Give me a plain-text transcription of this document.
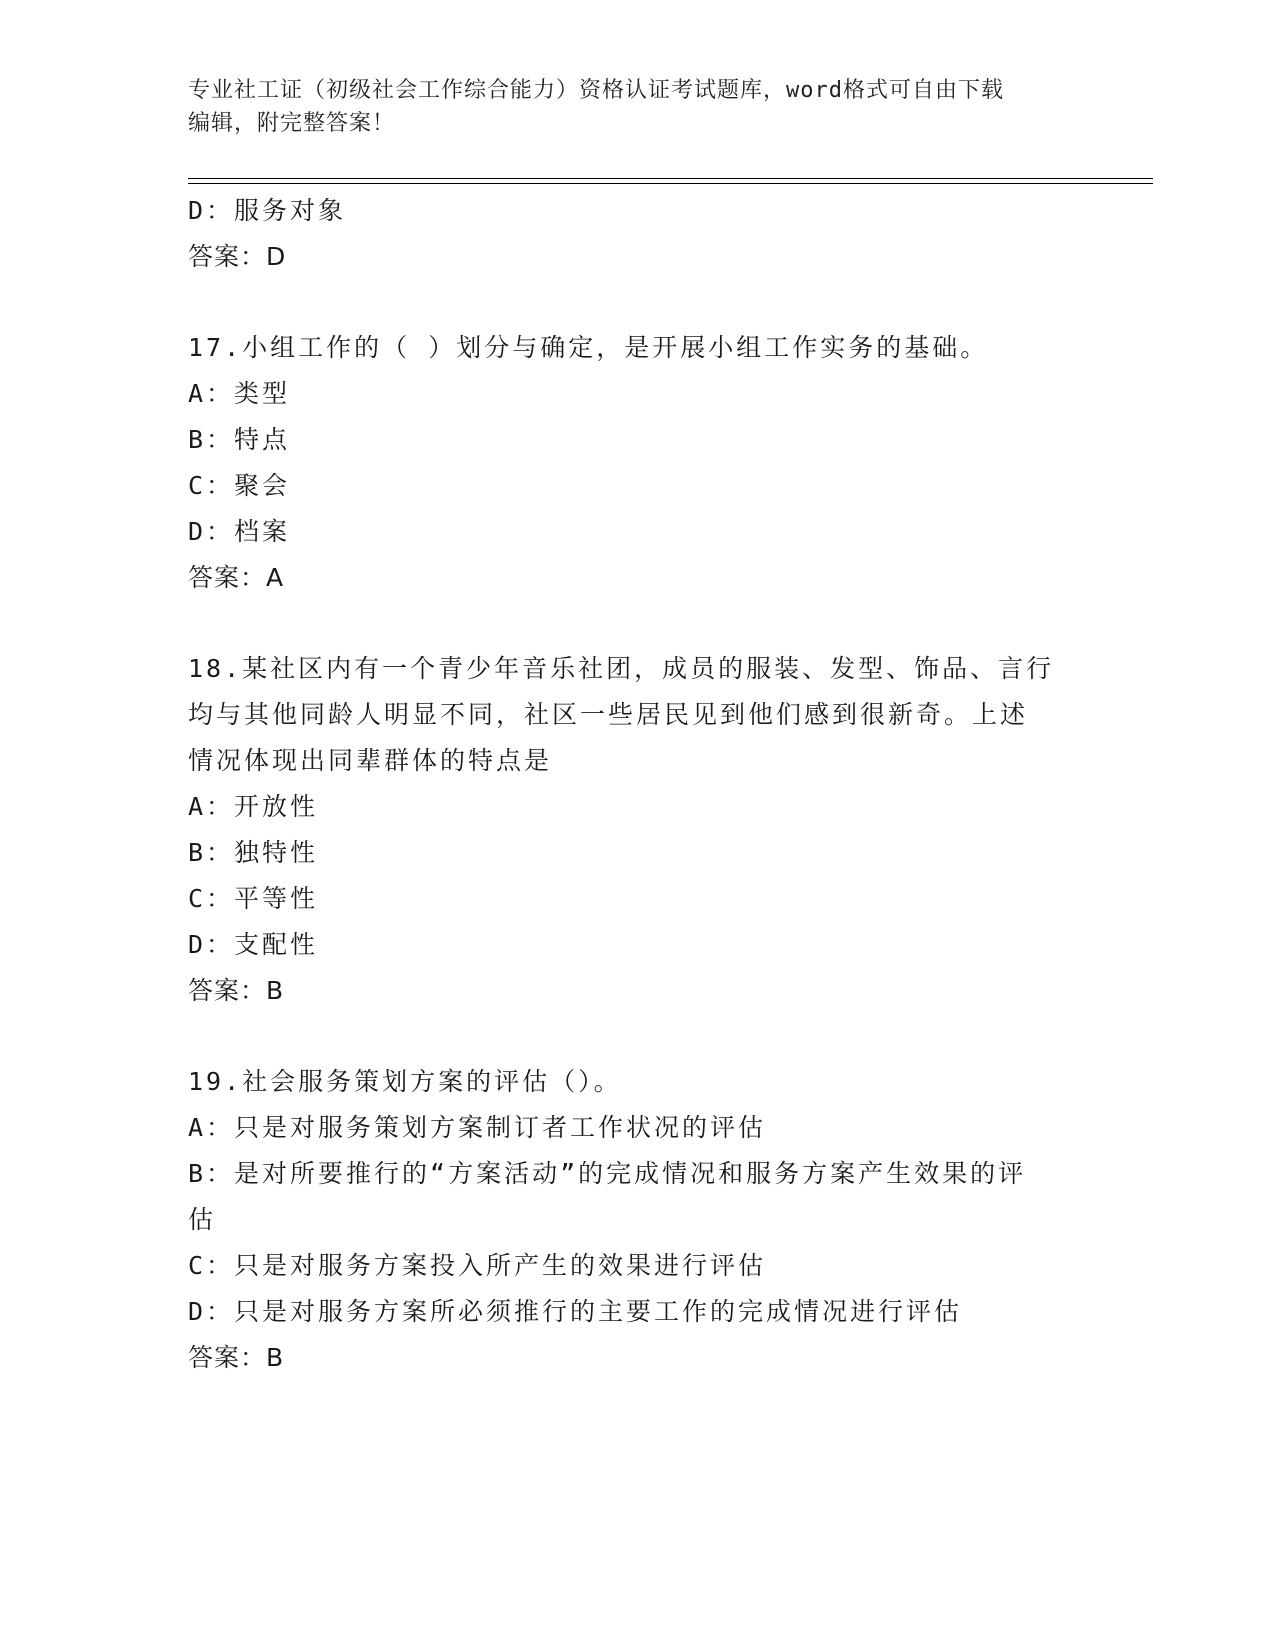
专业社工证（初级社会工作综合能力）资格认证考试题库，word格式可自由下载
编辑，附完整答案！
D：服务对象
答案：D
17.小组工作的（ ）划分与确定，是开展小组工作实务的基础。
A：类型
B：特点
C：聚会
D：档案
答案：A
18.某社区内有一个青少年音乐社团，成员的服装、发型、饰品、言行
均与其他同龄人明显不同，社区一些居民见到他们感到很新奇。上述
情况体现出同辈群体的特点是
A：开放性
B：独特性
C：平等性
D：支配性
答案：B
19.社会服务策划方案的评估（）。
A：只是对服务策划方案制订者工作状况的评估
B：是对所要推行的“方案活动”的完成情况和服务方案产生效果的评
估
C：只是对服务方案投入所产生的效果进行评估
D：只是对服务方案所必须推行的主要工作的完成情况进行评估
答案：B
